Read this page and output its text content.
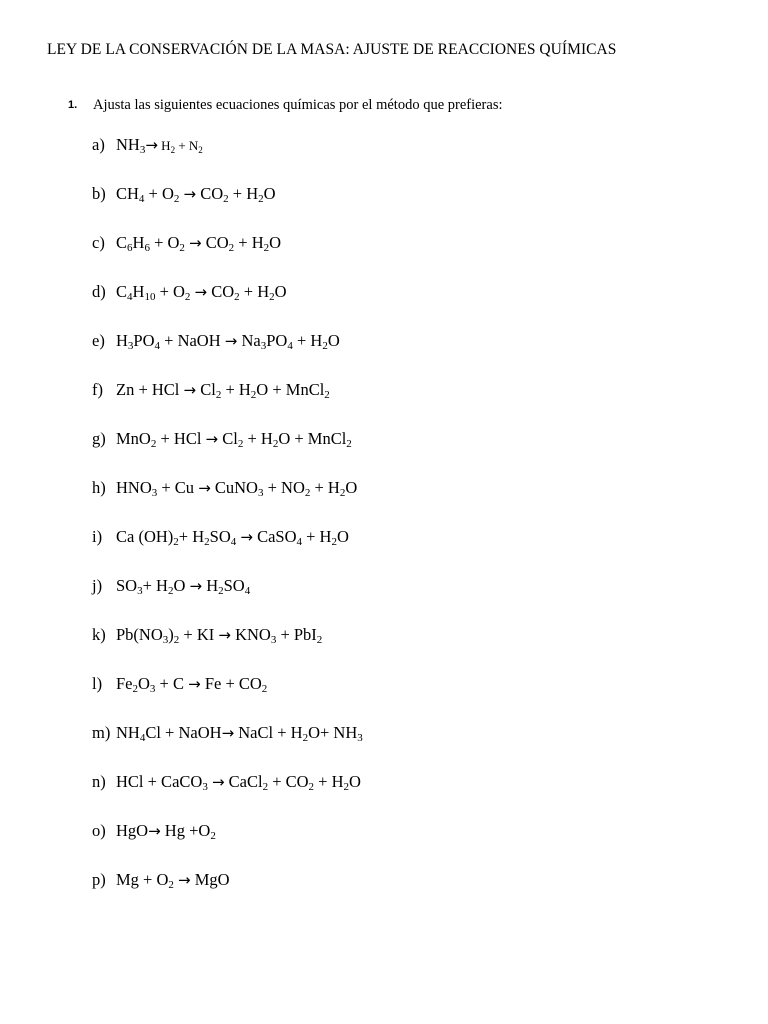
LEY DE LA CONSERVACIÓN DE LA MASA: AJUSTE DE REACCIONES QUÍMICAS
1. Ajusta las siguientes ecuaciones químicas por el método que prefieras:
a) $NH_3\to H_2 + N_2$
b) $CH_4 + O_2 \to CO_2 + H_2O$
c) $C_6H_6 + O_2 \to CO_2 + H_2O$
d) $C_4H_{10} + O_2 \to CO_2 + H_2O$
e) $H_3PO_4$ + NaOH → $Na_3PO_4 + H_2O$
f) Zn + HCl → $Cl_2 + H_2O$ + MnCl$_2$
g) MnO$_2$ + HCl → $Cl_2 + H_2O$ + MnCl$_2$
h) $HNO_3 + Cu$ → CuNO$_3$ + $NO_2 + H_2O$
i) Ca $(OH)_2+ H_2SO_4$ → CaSO$_4$ + $H_2O$
j) $SO_3+ H_2O \to H_2SO_4$
k) $Pb(NO_3)_2$ + KI → $KNO_3 + PbI_2$
l) $Fe_2O_3 + C \to Fe + CO_2$
m) $NH_4Cl$ + NaOH→ NaCl + $H_2O+ NH_3$
n) HCl + CaCO$_3$ → CaCl$_2$ + $CO_2 + H_2O$
o) $HgO\to Hg +O_2$
p) $Mg + O_2$ → MgO
